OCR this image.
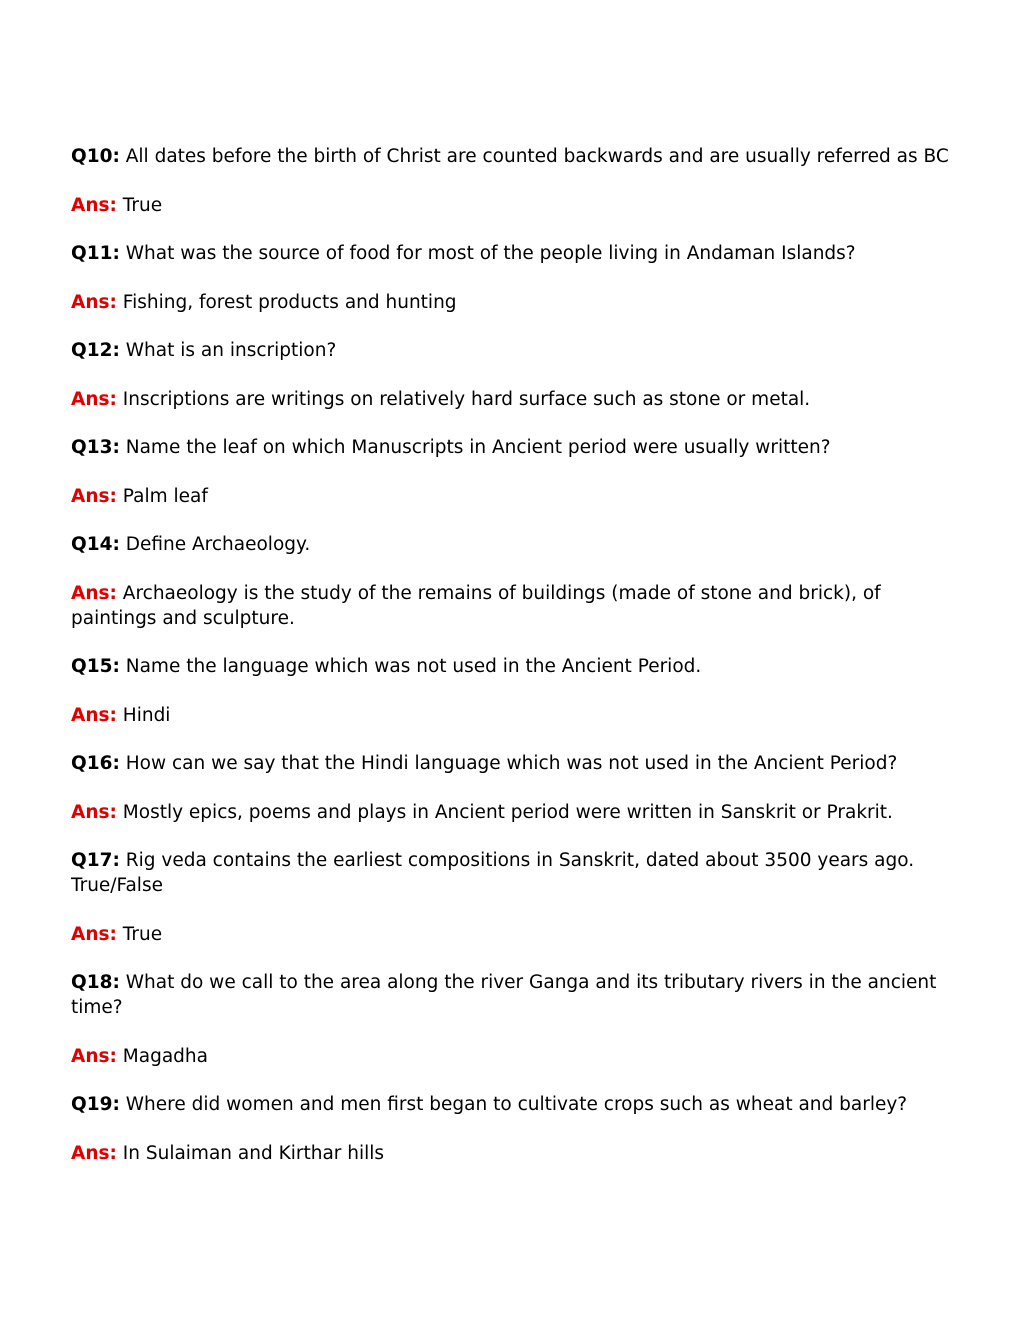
Q10: All dates before the birth of Christ are counted backwards and are usually referred as BC

Ans: True

Q11: What was the source of food for most of the people living in Andaman Islands?

Ans: Fishing, forest products and hunting

Q12: What is an inscription?

Ans: Inscriptions are writings on relatively hard surface such as stone or metal.

Q13: Name the leaf on which Manuscripts in Ancient period were usually written?

Ans: Palm leaf

Q14: Define Archaeology.

Ans: Archaeology is the study of the remains of buildings (made of stone and brick), of paintings and sculpture.

Q15: Name the language which was not used in the Ancient Period.

Ans: Hindi

Q16: How can we say that the Hindi language which was not used in the Ancient Period?

Ans: Mostly epics, poems and plays in Ancient period were written in Sanskrit or Prakrit.

Q17: Rig veda contains the earliest compositions in Sanskrit, dated about 3500 years ago. True/False

Ans: True

Q18: What do we call to the area along the river Ganga and its tributary rivers in the ancient time?

Ans: Magadha

Q19: Where did women and men first began to cultivate crops such as wheat and barley?

Ans: In Sulaiman and Kirthar hills
